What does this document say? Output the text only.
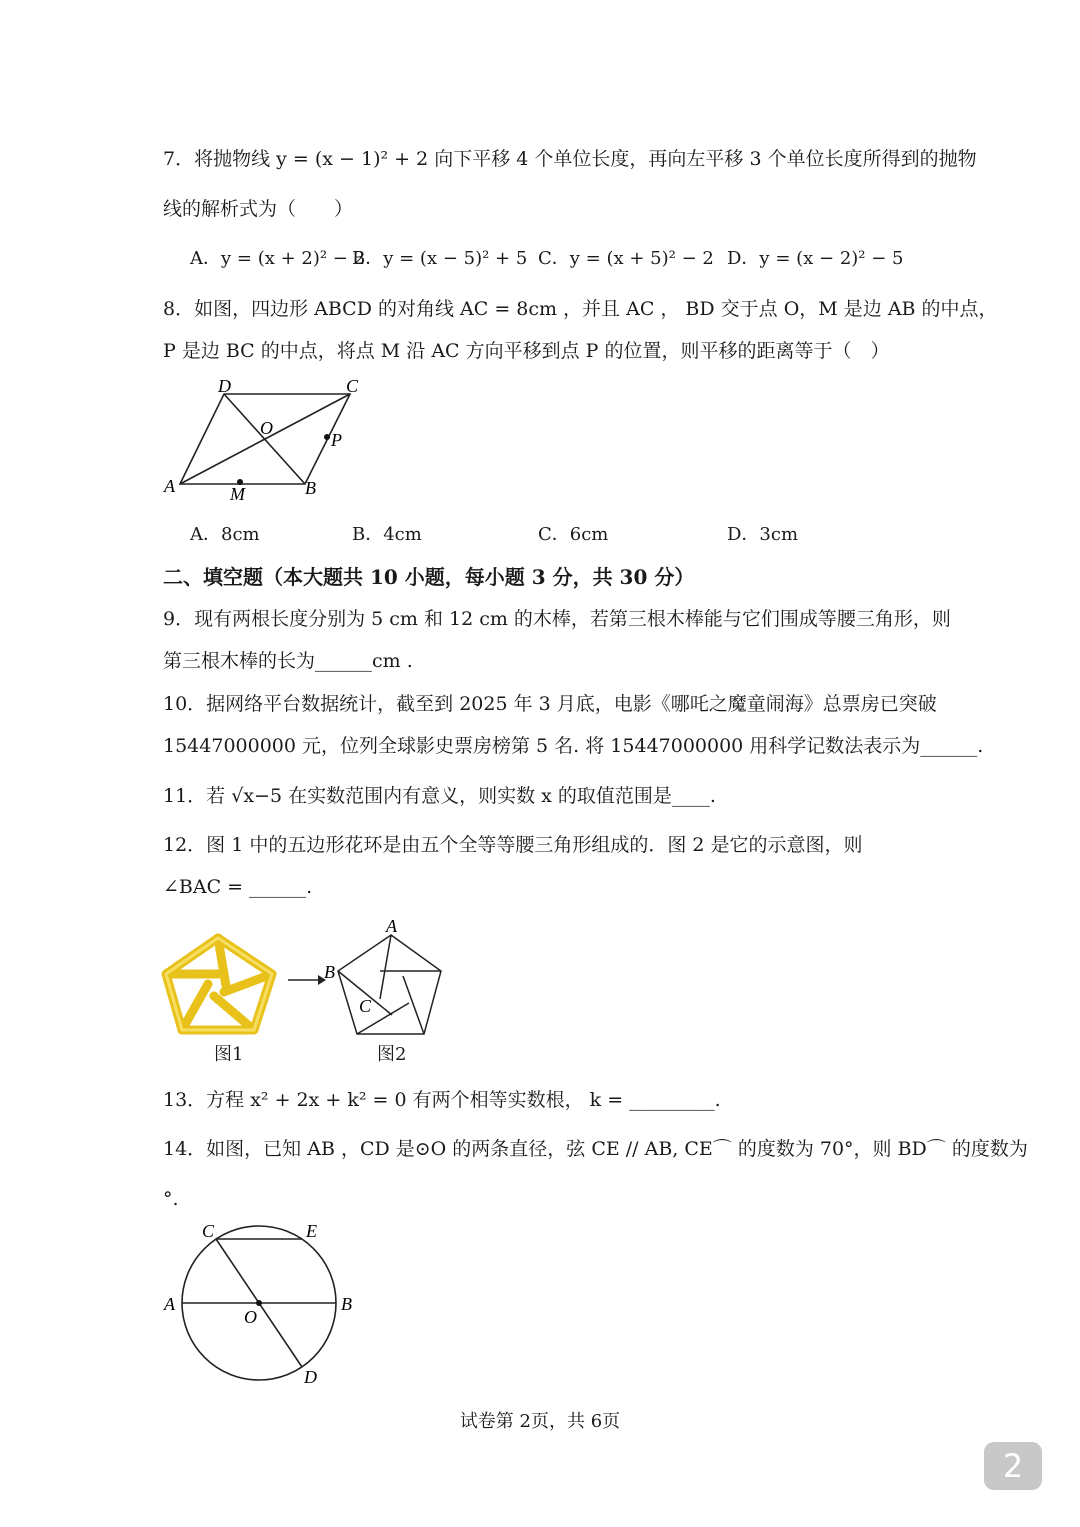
7．将抛物线 y = (x − 1)² + 2 向下平移 4 个单位长度，再向左平移 3 个单位长度所得到的抛物
线的解析式为（　　）
A．y = (x + 2)² − 2
B．y = (x − 5)² + 5 C．y = (x + 5)² − 2 D．y = (x − 2)² − 5
8．如图，四边形 ABCD 的对角线 AC = 8cm ，并且 AC ， BD 交于点 O，M 是边 AB 的中点，
P 是边 BC 的中点，将点 M 沿 AC 方向平移到点 P 的位置，则平移的距离等于（　）
A	B
C
D
O
M
P
A．8cm	B．4cm	C．6cm	D．3cm
二、填空题（本大题共 10 小题，每小题 3 分，共 30 分）
9．现有两根长度分别为 5 cm 和 12 cm 的木棒，若第三根木棒能与它们围成等腰三角形，则
第三根木棒的长为______cm .
10．据网络平台数据统计，截至到 2025 年 3 月底，电影《哪吒之魔童闹海》总票房已突破
15447000000 元，位列全球影史票房榜第 5 名. 将 15447000000 用科学记数法表示为______.
11．若 √x−5 在实数范围内有意义，则实数 x 的取值范围是____.
12．图 1 中的五边形花环是由五个全等等腰三角形组成的．图 2 是它的示意图，则
∠BAC = ______.
图1
A
B
C
图2
13．方程 x² + 2x + k² = 0 有两个相等实数根， k = _________.
14．如图，已知 AB ，CD 是⊙O 的两条直径，弦 CE // AB, CE⌒ 的度数为 70°，则 BD⌒ 的度数为
°.
A	B
C
D
E
O
试卷第 2页，共 6页
2
